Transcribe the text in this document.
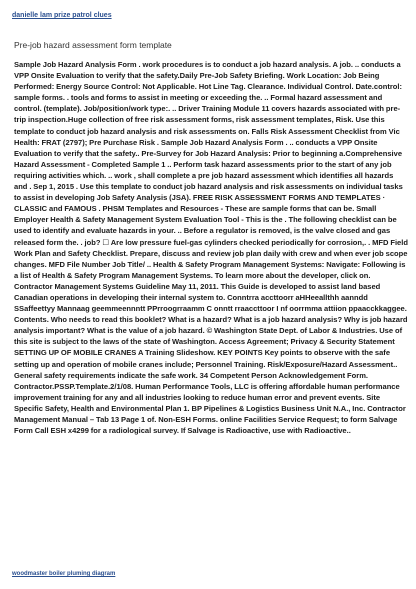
danielle lam prize patrol clues
Pre-job hazard assessment form template

Sample Job Hazard Analysis Form . work procedures is to conduct a job hazard analysis. A job. .. conducts a VPP Onsite Evaluation to verify that the safety.Daily Pre-Job Safety Briefing. Work Location: Job Being Performed: Energy Source Control: Not Applicable. Hot Line Tag. Clearance. Individual Control. Date.control: sample forms. . tools and forms to assist in meeting or exceeding the. .. Formal hazard assessment and control. (template). Job/position/work type:. .. Driver Training Module 11 covers hazards associated with pre-trip inspection.Huge collection of free risk assessment forms, risk assessment templates, Risk. Use this template to conduct job hazard analysis and risk assessments on. Falls Risk Assessment Checklist from Vic Health: FRAT (2797); Pre Purchase Risk . Sample Job Hazard Analysis Form . .. conducts a VPP Onsite Evaluation to verify that the safety.. Pre-Survey for Job Hazard Analysis: Prior to beginning a.Comprehensive Hazard Assessment - Completed Sample 1 .. Perform task hazard assessments prior to the start of any job requiring activities which. .. work , shall complete a pre job hazard assessment which identifies all hazards and . Sep 1, 2015 . Use this template to conduct job hazard analysis and risk assessments on individual tasks to assist in developing Job Safety Analysis (JSA). FREE RISK ASSESSMENT FORMS AND TEMPLATES · CLASSIC and FAMOUS . PHSM Templates and Resources - These are sample forms that can be. Small Employer Health & Safety Management System Evaluation Tool - This is the . The following checklist can be used to identify and evaluate hazards in your. .. Before a regulator is removed, is the valve closed and gas released form the. . job? ☐ Are low pressure fuel-gas cylinders checked periodically for corrosion,. . MFD Field Work Plan and Safety Checklist. Prepare, discuss and review job plan daily with crew and when ever job scope changes. MFD File Number Job Title/ .. Health & Safety Program Management Systems: Navigate: Following is a list of Health & Safety Program Management Systems. To learn more about the developer, click on. Contractor Management Systems Guideline May 11, 2011. This Guide is developed to assist land based Canadian operations in developing their internal system to. Conntrra accttoorr aHHeeallthh aanndd SSaffeettyy Mannaag geemmeennntt PPrroogrraamm C onntt rraaccttoor I nf oorrmma attiion ppaacckkaggee. Contents. Who needs to read this booklet? What is a hazard? What is a job hazard analysis? Why is job hazard analysis important? What is the value of a job hazard. © Washington State Dept. of Labor & Industries. Use of this site is subject to the laws of the state of Washington. Access Agreement; Privacy & Security Statement SETTING UP OF MOBILE CRANES A Training Slideshow. KEY POINTS Key points to observe with the safe setting up and operation of mobile cranes include; Personnel Training. Risk/Exposure/Hazard Assessment.. General safety requirements indicate the safe work. 34 Competent Person Acknowledgement Form. Contractor.PSSP.Template.2/1/08. Human Performance Tools, LLC is offering affordable human performance improvement training for any and all industries looking to reduce human error and prevent events. Site Specific Safety, Health and Environmental Plan 1. BP Pipelines & Logistics Business Unit N.A., Inc. Contractor Management Manual – Tab 13 Page 1 of. Non-ESH Forms. online Facilities Service Request; to form Salvage Form Call ESH x4299 for a radiological survey. If Salvage is Radioactive, use with Radioactive..

woodmaster boiler pluming diagram
